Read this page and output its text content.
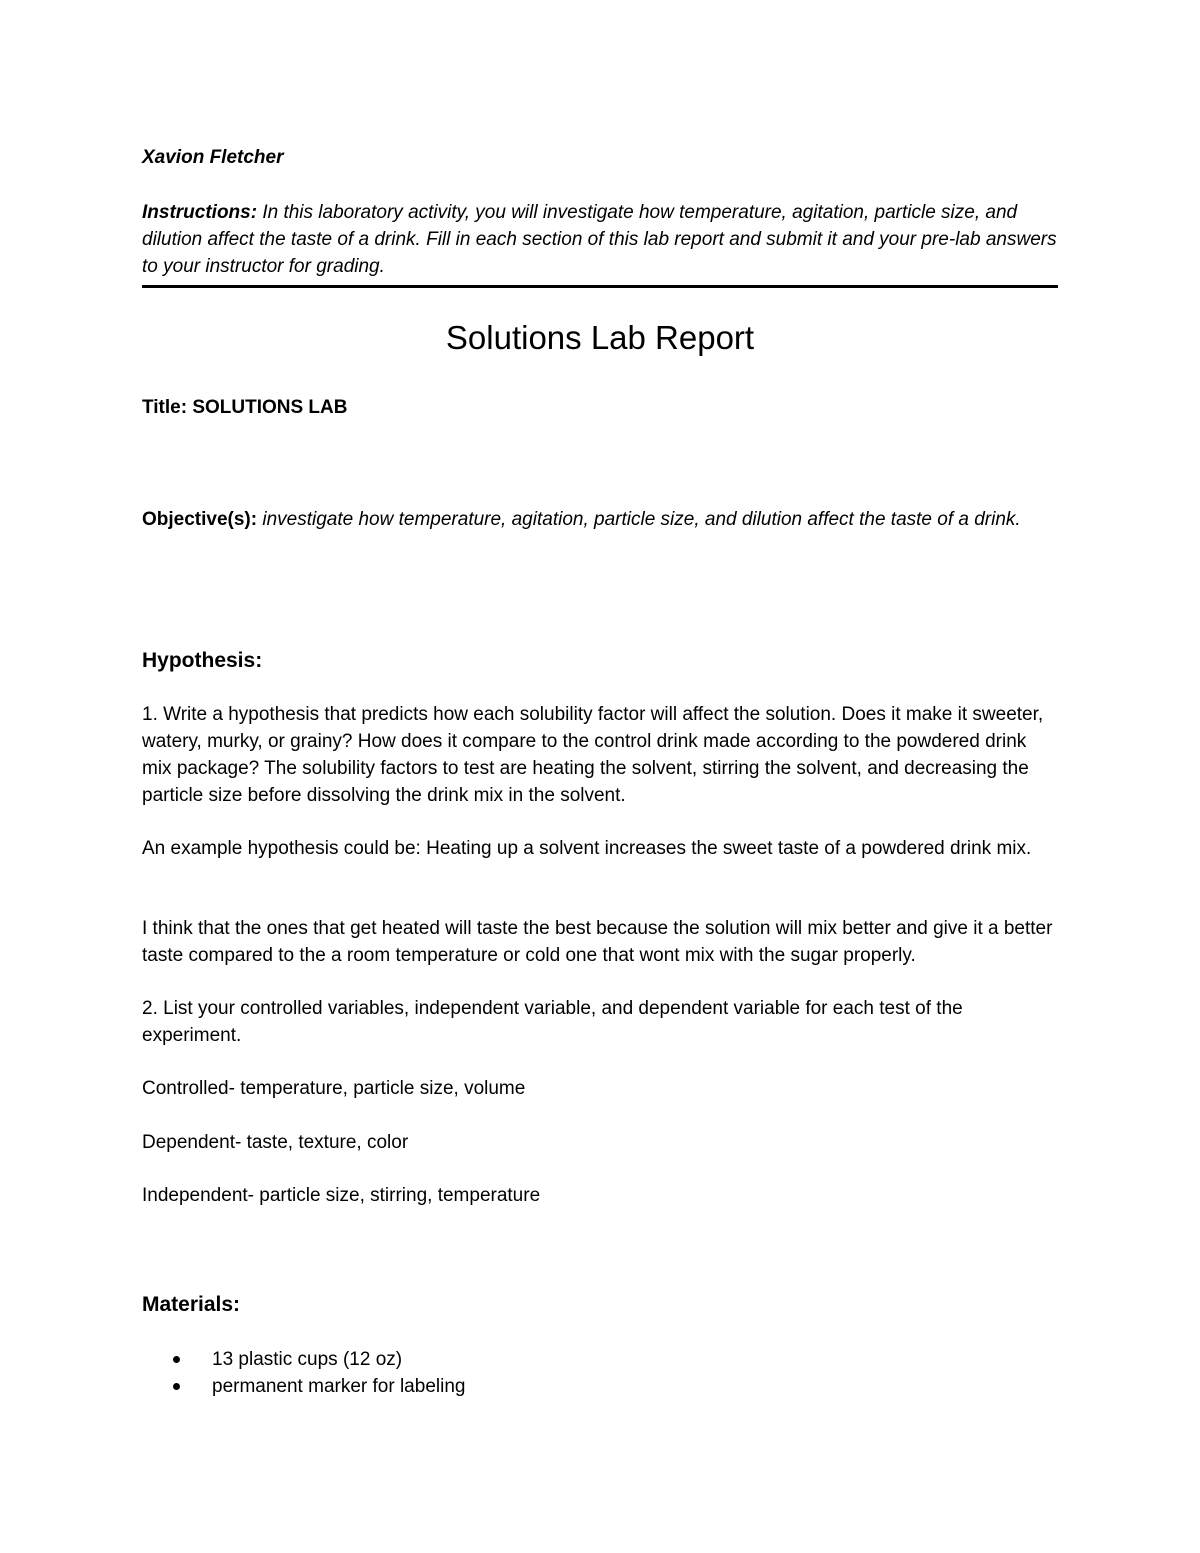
Xavion Fletcher

Instructions: In this laboratory activity, you will investigate how temperature, agitation, particle size, and dilution affect the taste of a drink. Fill in each section of this lab report and submit it and your pre-lab answers to your instructor for grading.

Solutions Lab Report

Title: SOLUTIONS LAB

Objective(s): investigate how temperature, agitation, particle size, and dilution affect the taste of a drink.

Hypothesis:

1. Write a hypothesis that predicts how each solubility factor will affect the solution. Does it make it sweeter, watery, murky, or grainy? How does it compare to the control drink made according to the powdered drink mix package? The solubility factors to test are heating the solvent, stirring the solvent, and decreasing the particle size before dissolving the drink mix in the solvent.

An example hypothesis could be: Heating up a solvent increases the sweet taste of a powdered drink mix.

I think that the ones that get heated will taste the best because the solution will mix better and give it a better taste compared to the a room temperature or cold one that wont mix with the sugar properly.

2. List your controlled variables, independent variable, and dependent variable for each test of the experiment.

Controlled- temperature, particle size, volume

Dependent- taste, texture, color

Independent- particle size, stirring, temperature

Materials:

13 plastic cups (12 oz)
permanent marker for labeling
